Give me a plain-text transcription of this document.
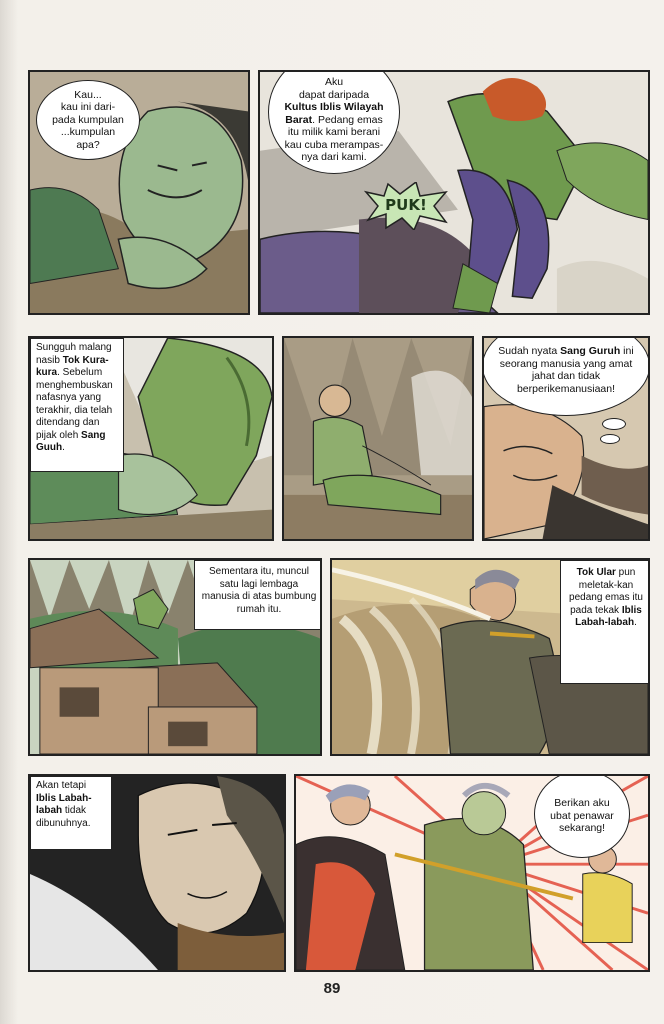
Kau...
kau ini dari-
pada kumpulan
...kumpulan
apa?
Aku
dapat daripada
Kultus Iblis Wilayah Barat. Pedang emas itu milik kami berani kau cuba merampas-nya dari kami.
PUK!
Sungguh malang nasib Tok Kura-kura. Sebelum menghembuskan nafasnya yang terakhir, dia telah ditendang dan pijak oleh Sang Guuh.
Sudah nyata Sang Guruh ini seorang manusia yang amat jahat dan tidak berperikemanusiaan!
Sementara itu, muncul satu lagi lembaga manusia di atas bumbung rumah itu.
Tok Ular pun meletak-kan pedang emas itu pada tekak Iblis Labah-labah.
Akan tetapi Iblis Labah-labah tidak dibunuhnya.
Berikan aku ubat penawar sekarang!
89
